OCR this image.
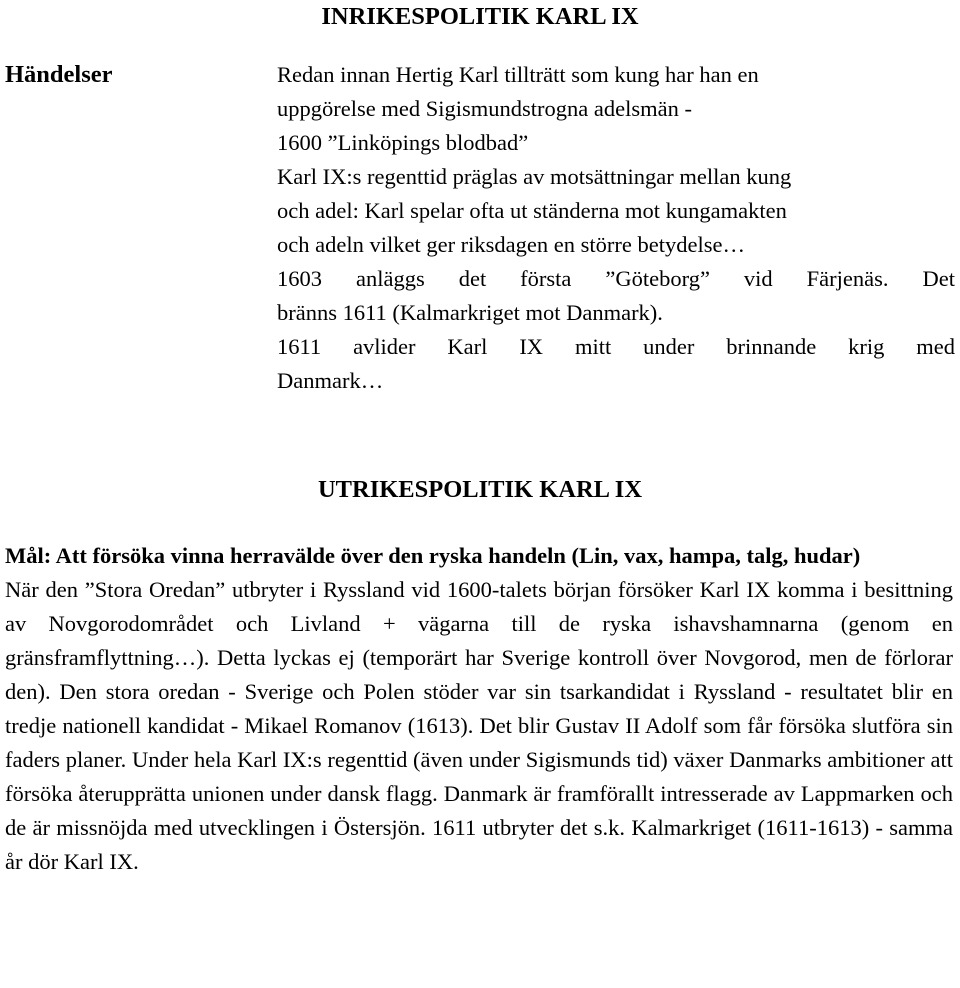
INRIKESPOLITIK KARL IX

Händelser	Redan innan Hertig Karl tillträtt som kung har han en
uppgörelse med Sigismundstrogna adelsmän -
1600 ”Linköpings blodbad”
Karl IX:s regenttid präglas av motsättningar mellan kung
och adel: Karl spelar ofta ut ständerna mot kungamakten
och adeln vilket ger riksdagen en större betydelse…
1603 anläggs det första ”Göteborg” vid Färjenäs. Det
bränns 1611 (Kalmarkriget mot Danmark).
1611 avlider Karl IX mitt under brinnande krig med
Danmark…
UTRIKESPOLITIK KARL IX

Mål: Att försöka vinna herravälde över den ryska handeln (Lin, vax, hampa, talg, hudar)

När den ”Stora Oredan” utbryter i Ryssland vid 1600-talets början försöker Karl IX komma i besittning av Novgorodområdet och Livland + vägarna till de ryska ishavshamnarna (genom en gränsframflyttning…). Detta lyckas ej (temporärt har Sverige kontroll över Novgorod, men de förlorar den). Den stora oredan - Sverige och Polen stöder var sin tsarkandidat i Ryssland - resultatet blir en tredje nationell kandidat - Mikael Romanov (1613). Det blir Gustav II Adolf som får försöka slutföra sin faders planer. Under hela Karl IX:s regenttid (även under Sigismunds tid) växer Danmarks ambitioner att försöka återupprätta unionen under dansk flagg. Danmark är framförallt intresserade av Lappmarken och de är missnöjda med utvecklingen i Östersjön. 1611 utbryter det s.k. Kalmarkriget (1611-1613) - samma år dör Karl IX.
